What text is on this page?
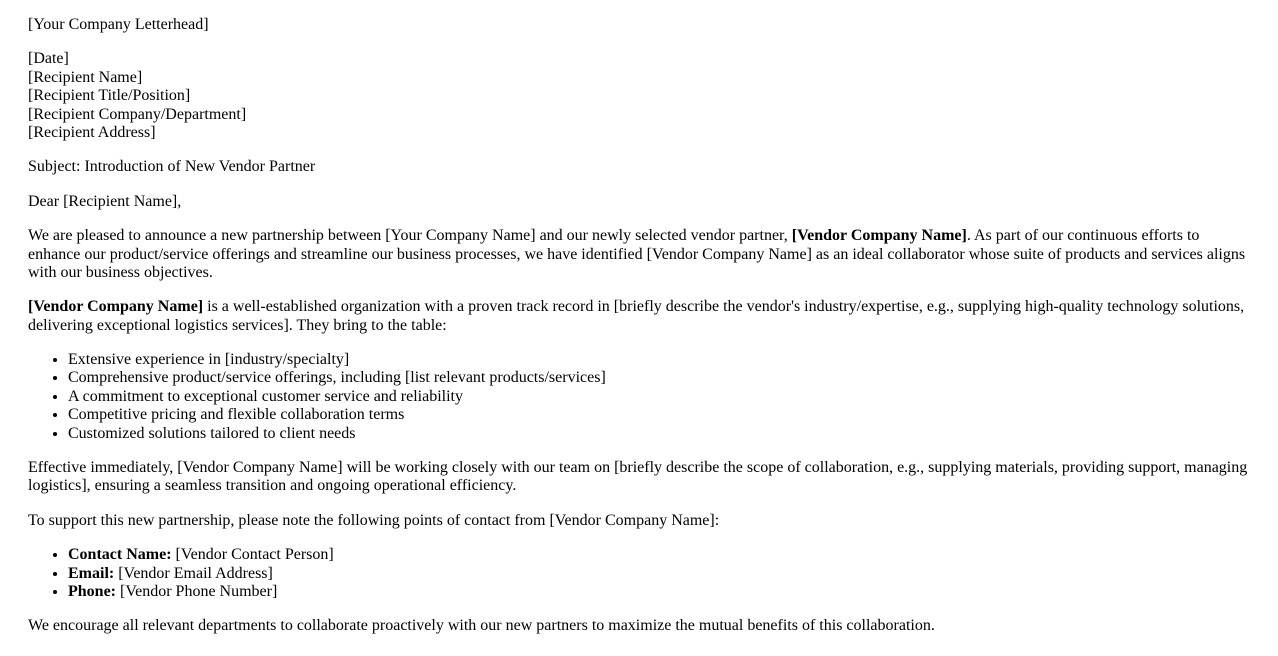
[Your Company Letterhead]

[Date]
[Recipient Name]
[Recipient Title/Position]
[Recipient Company/Department]
[Recipient Address]

Subject: Introduction of New Vendor Partner

Dear [Recipient Name],

We are pleased to announce a new partnership between [Your Company Name] and our newly selected vendor partner, [Vendor Company Name]. As part of our continuous efforts to enhance our product/service offerings and streamline our business processes, we have identified [Vendor Company Name] as an ideal collaborator whose suite of products and services aligns with our business objectives.

[Vendor Company Name] is a well-established organization with a proven track record in [briefly describe the vendor's industry/expertise, e.g., supplying high-quality technology solutions, delivering exceptional logistics services]. They bring to the table:

• Extensive experience in [industry/specialty]
• Comprehensive product/service offerings, including [list relevant products/services]
• A commitment to exceptional customer service and reliability
• Competitive pricing and flexible collaboration terms
• Customized solutions tailored to client needs

Effective immediately, [Vendor Company Name] will be working closely with our team on [briefly describe the scope of collaboration, e.g., supplying materials, providing support, managing logistics], ensuring a seamless transition and ongoing operational efficiency.

To support this new partnership, please note the following points of contact from [Vendor Company Name]:

• Contact Name: [Vendor Contact Person]
• Email: [Vendor Email Address]
• Phone: [Vendor Phone Number]

We encourage all relevant departments to collaborate proactively with our new partners to maximize the mutual benefits of this collaboration.
